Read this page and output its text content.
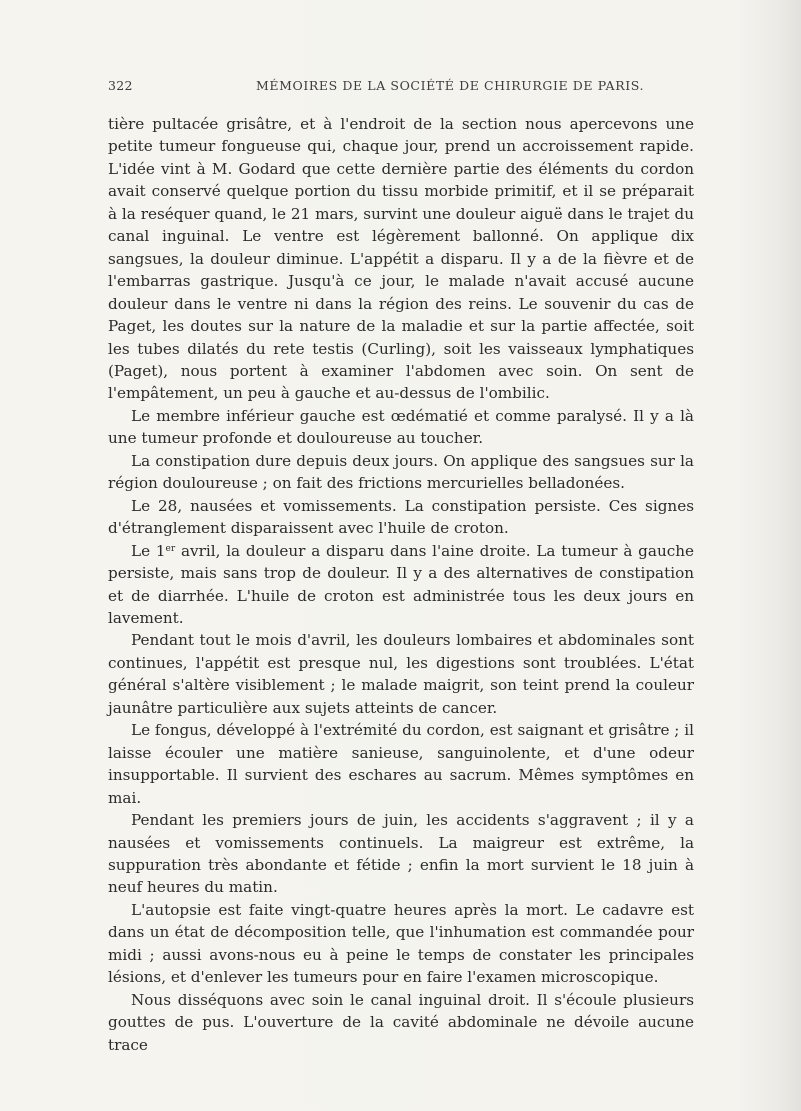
322	MÉMOIRES DE LA SOCIÉTÉ DE CHIRURGIE DE PARIS.

tière pultacée grisâtre, et à l'endroit de la section nous apercevons une petite tumeur fongueuse qui, chaque jour, prend un accroissement rapide. L'idée vint à M. Godard que cette dernière partie des éléments du cordon avait conservé quelque portion du tissu morbide primitif, et il se préparait à la reséquer quand, le 21 mars, survint une douleur aiguë dans le trajet du canal inguinal. Le ventre est légèrement ballonné. On applique dix sangsues, la douleur diminue. L'appétit a disparu. Il y a de la fièvre et de l'embarras gastrique. Jusqu'à ce jour, le malade n'avait accusé aucune douleur dans le ventre ni dans la région des reins. Le souvenir du cas de Paget, les doutes sur la nature de la maladie et sur la partie affectée, soit les tubes dilatés du rete testis (Curling), soit les vaisseaux lymphatiques (Paget), nous portent à examiner l'abdomen avec soin. On sent de l'empâtement, un peu à gauche et au-dessus de l'ombilic.

Le membre inférieur gauche est œdématié et comme paralysé. Il y a là une tumeur profonde et douloureuse au toucher.

La constipation dure depuis deux jours. On applique des sangsues sur la région douloureuse ; on fait des frictions mercurielles belladonées.

Le 28, nausées et vomissements. La constipation persiste. Ces signes d'étranglement disparaissent avec l'huile de croton.

Le 1er avril, la douleur a disparu dans l'aine droite. La tumeur à gauche persiste, mais sans trop de douleur. Il y a des alternatives de constipation et de diarrhée. L'huile de croton est administrée tous les deux jours en lavement.

Pendant tout le mois d'avril, les douleurs lombaires et abdominales sont continues, l'appétit est presque nul, les digestions sont troublées. L'état général s'altère visiblement ; le malade maigrit, son teint prend la couleur jaunâtre particulière aux sujets atteints de cancer.

Le fongus, développé à l'extrémité du cordon, est saignant et grisâtre ; il laisse écouler une matière sanieuse, sanguinolente, et d'une odeur insupportable. Il survient des eschares au sacrum. Mêmes symptômes en mai.

Pendant les premiers jours de juin, les accidents s'aggravent ; il y a nausées et vomissements continuels. La maigreur est extrême, la suppuration très abondante et fétide ; enfin la mort survient le 18 juin à neuf heures du matin.

L'autopsie est faite vingt-quatre heures après la mort. Le cadavre est dans un état de décomposition telle, que l'inhumation est commandée pour midi ; aussi avons-nous eu à peine le temps de constater les principales lésions, et d'enlever les tumeurs pour en faire l'examen microscopique.

Nous disséquons avec soin le canal inguinal droit. Il s'écoule plusieurs gouttes de pus. L'ouverture de la cavité abdominale ne dévoile aucune trace
